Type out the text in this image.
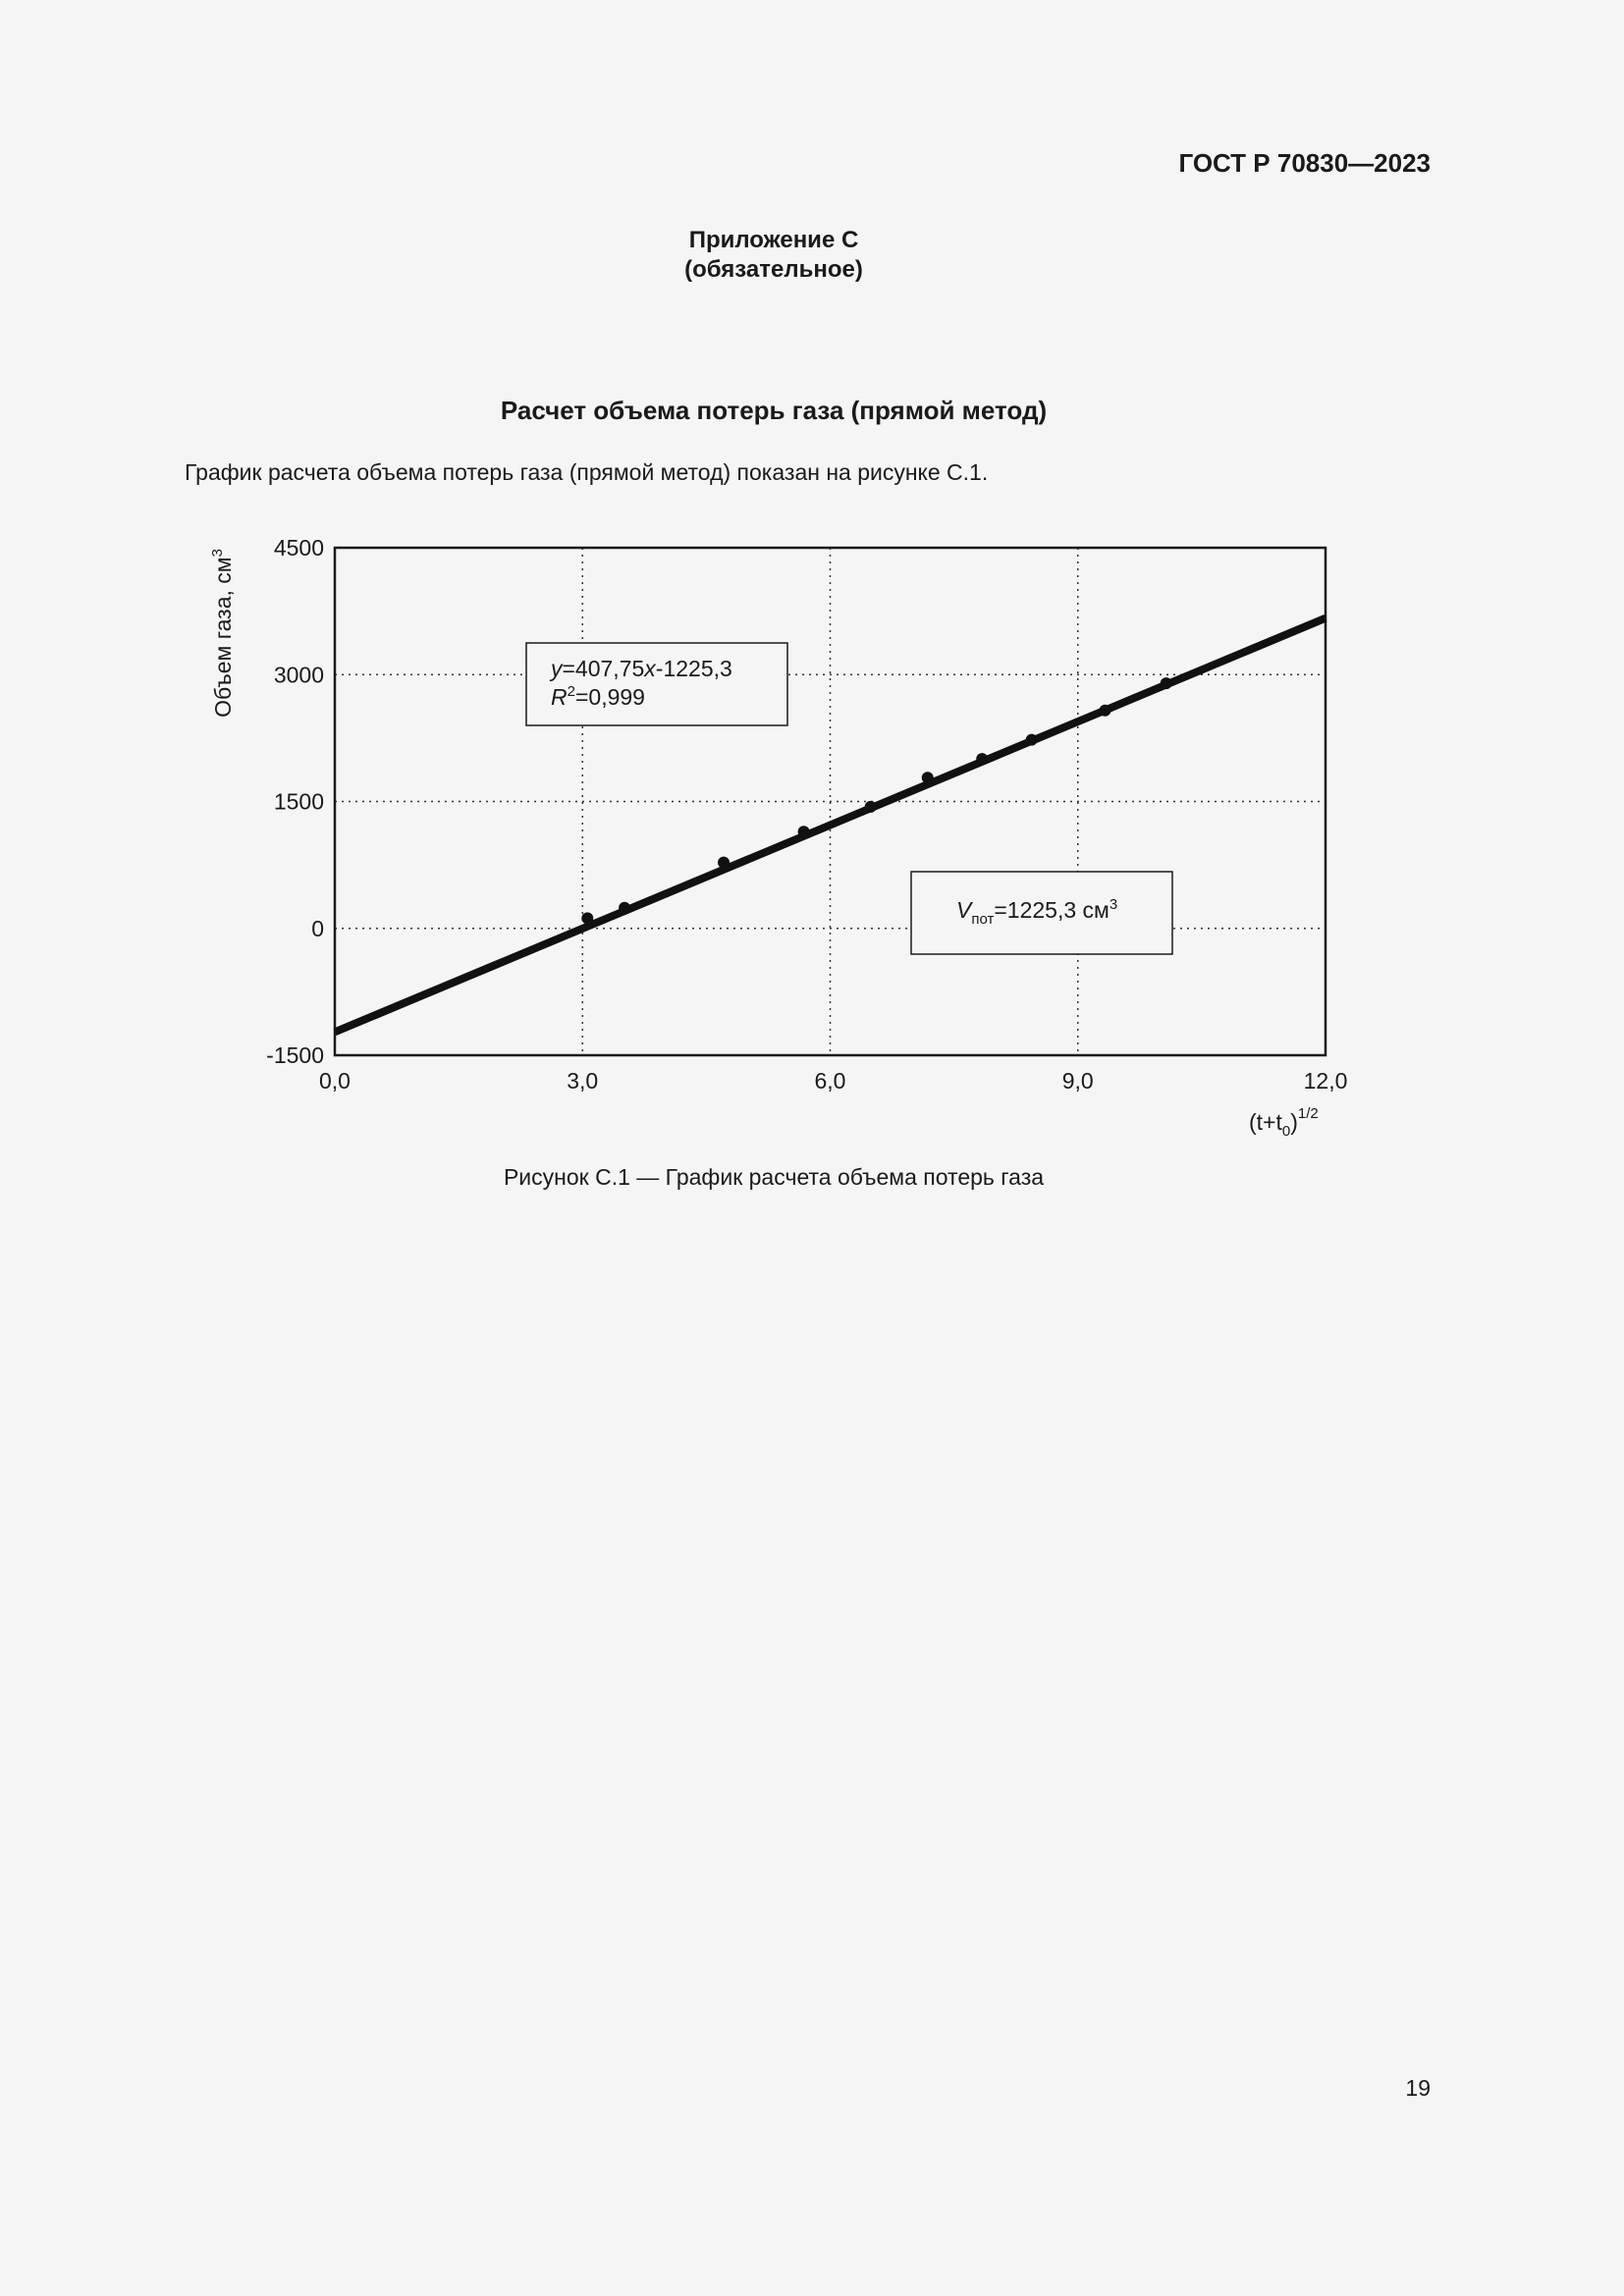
ГОСТ Р 70830—2023
Приложение С
(обязательное)
Расчет объема потерь газа (прямой метод)
График расчета объема потерь газа (прямой метод) показан на рисунке С.1.
-1500
0
1500
3000
4500
0,0	3,0	6,0	9,0	12,0
Объем газа, $см^3$
$(t+t_0)^{1/2}$
y=407,75x-1225,3
$R^2=0,999$
$V_{пот}=1225,3$ $см^3$
Рисунок С.1 — График расчета объема потерь газа
19
